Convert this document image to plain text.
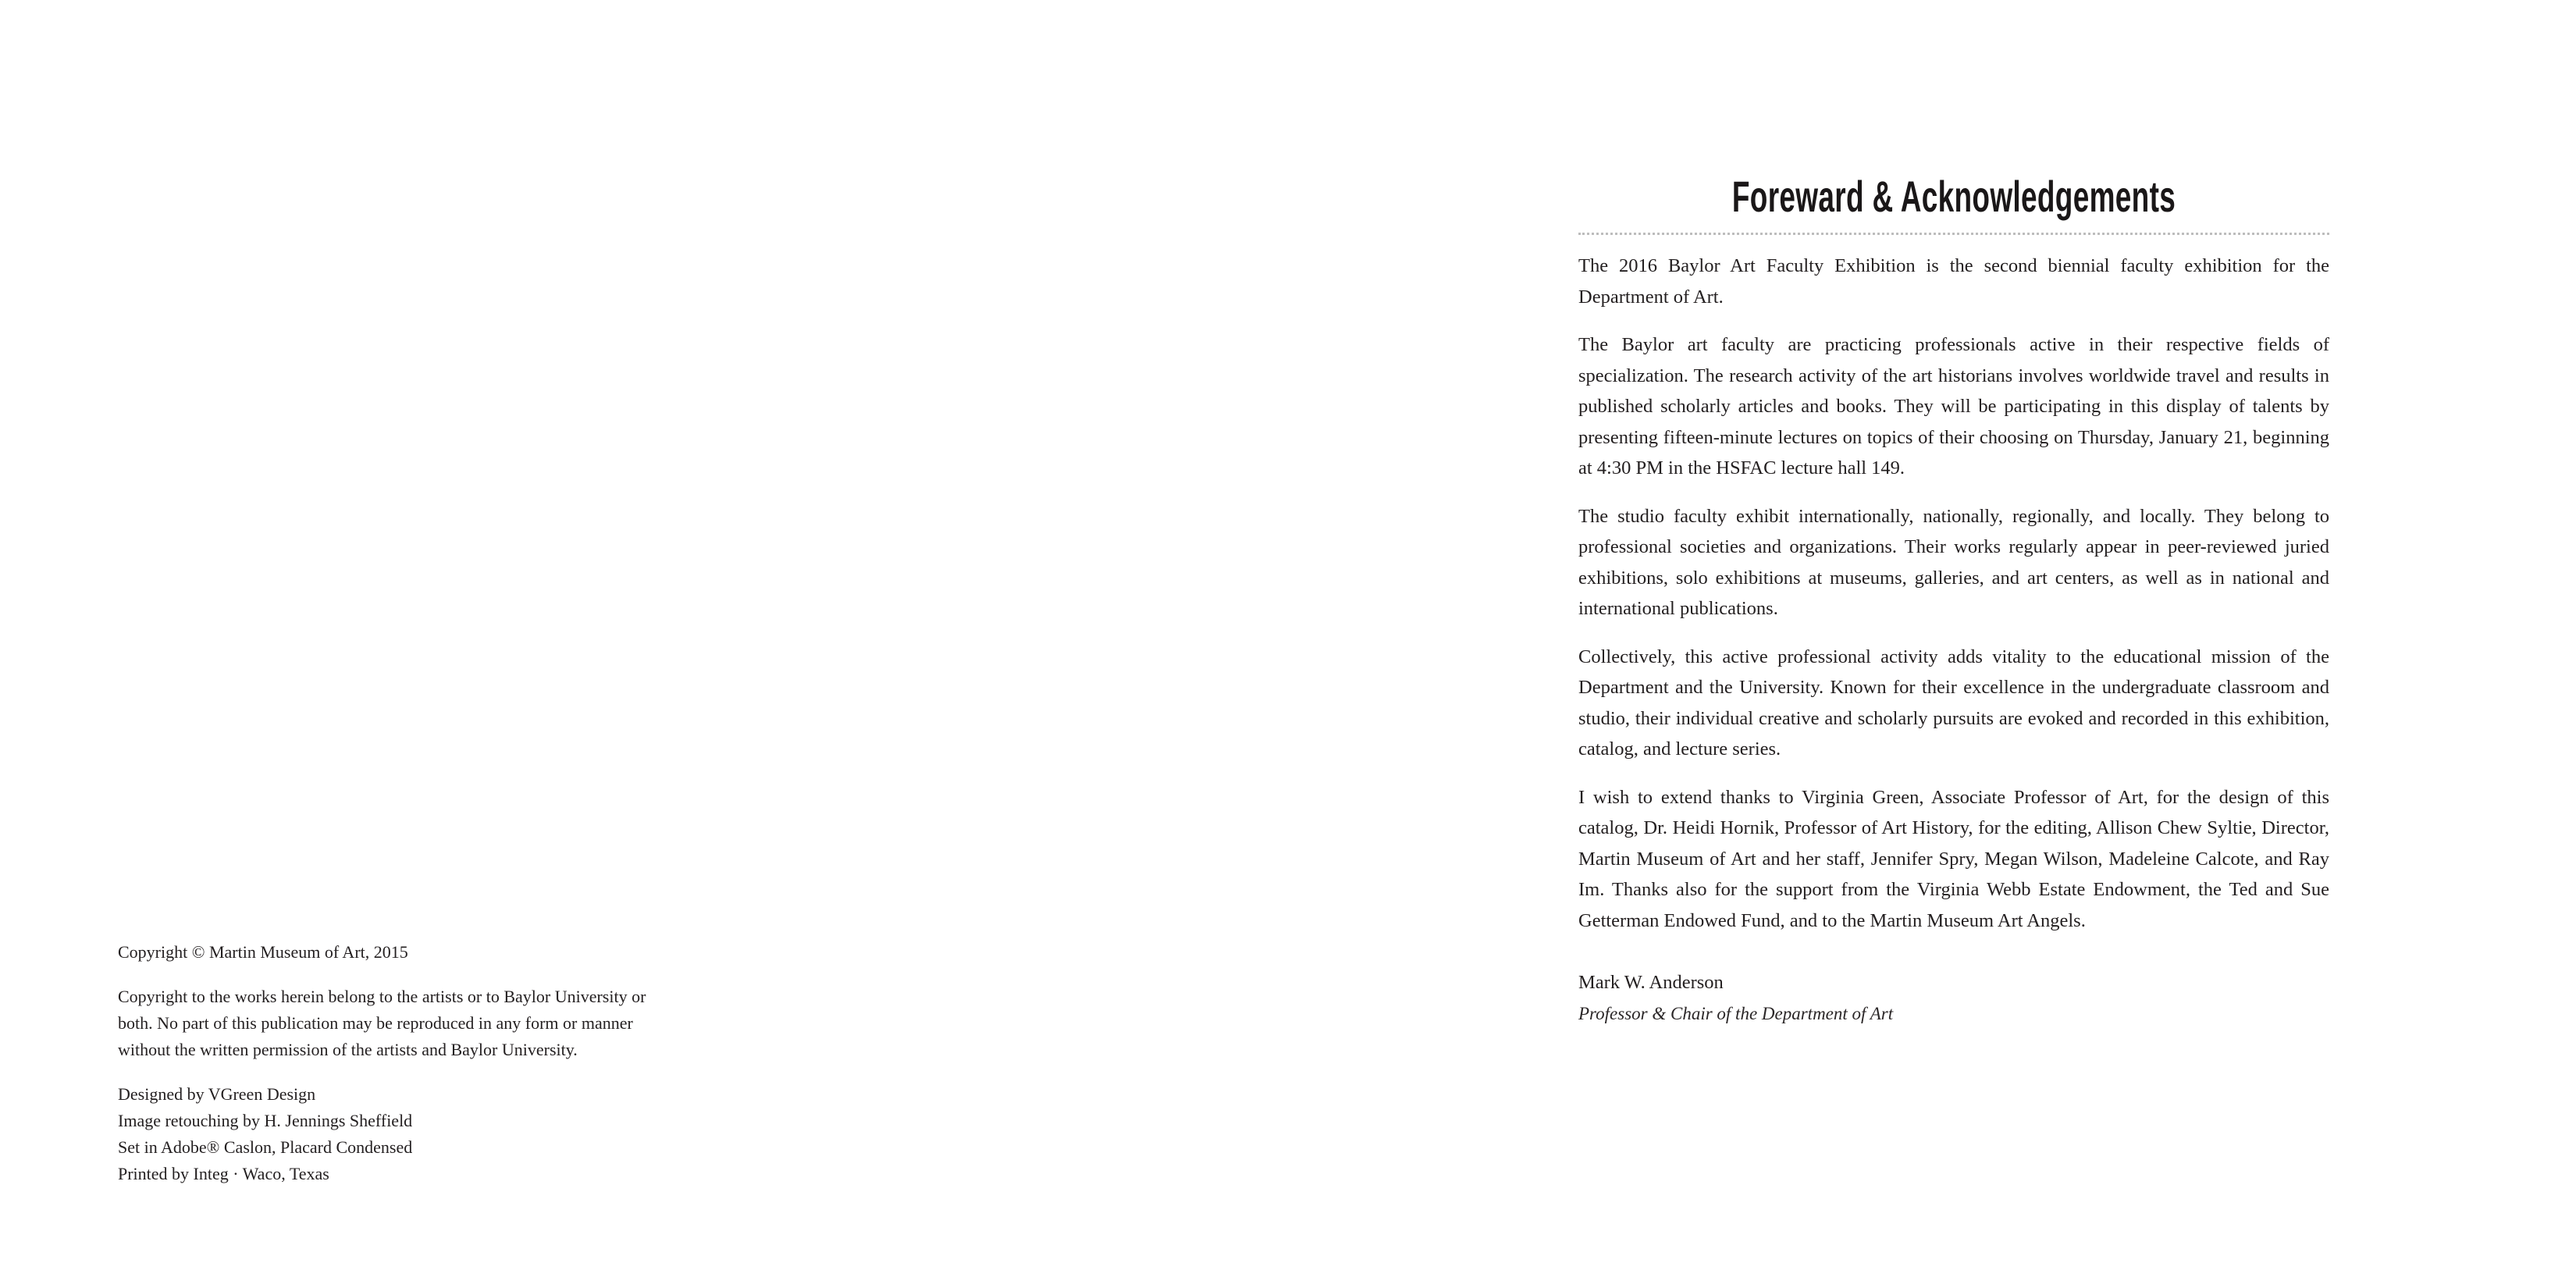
Copyright © Martin Museum of Art, 2015

Copyright to the works herein belong to the artists or to Baylor University or
both. No part of this publication may be reproduced in any form or manner
without the written permission of the artists and Baylor University.
Designed by VGreen Design
Image retouching by H. Jennings Sheffield
Set in Adobe® Caslon, Placard Condensed
Printed by Integ · Waco, Texas
Foreward & Acknowledgements

The 2016 Baylor Art Faculty Exhibition is the second biennial faculty exhibition for the Department of Art.

The Baylor art faculty are practicing professionals active in their respective fields of specialization. The research activity of the art historians involves worldwide travel and results in published scholarly articles and books. They will be participating in this display of talents by presenting fifteen-minute lectures on topics of their choosing on Thursday, January 21, beginning at 4:30 PM in the HSFAC lecture hall 149.

The studio faculty exhibit internationally, nationally, regionally, and locally. They belong to professional societies and organizations. Their works regularly appear in peer-reviewed juried exhibitions, solo exhibitions at museums, galleries, and art centers, as well as in national and international publications.

Collectively, this active professional activity adds vitality to the educational mission of the Department and the University. Known for their excellence in the undergraduate classroom and studio, their individual creative and scholarly pursuits are evoked and recorded in this exhibition, catalog, and lecture series.

I wish to extend thanks to Virginia Green, Associate Professor of Art, for the design of this catalog, Dr. Heidi Hornik, Professor of Art History, for the editing, Allison Chew Syltie, Director, Martin Museum of Art and her staff, Jennifer Spry, Megan Wilson, Madeleine Calcote, and Ray Im. Thanks also for the support from the Virginia Webb Estate Endowment, the Ted and Sue Getterman Endowed Fund, and to the Martin Museum Art Angels.

Mark W. Anderson
Professor & Chair of the Department of Art
